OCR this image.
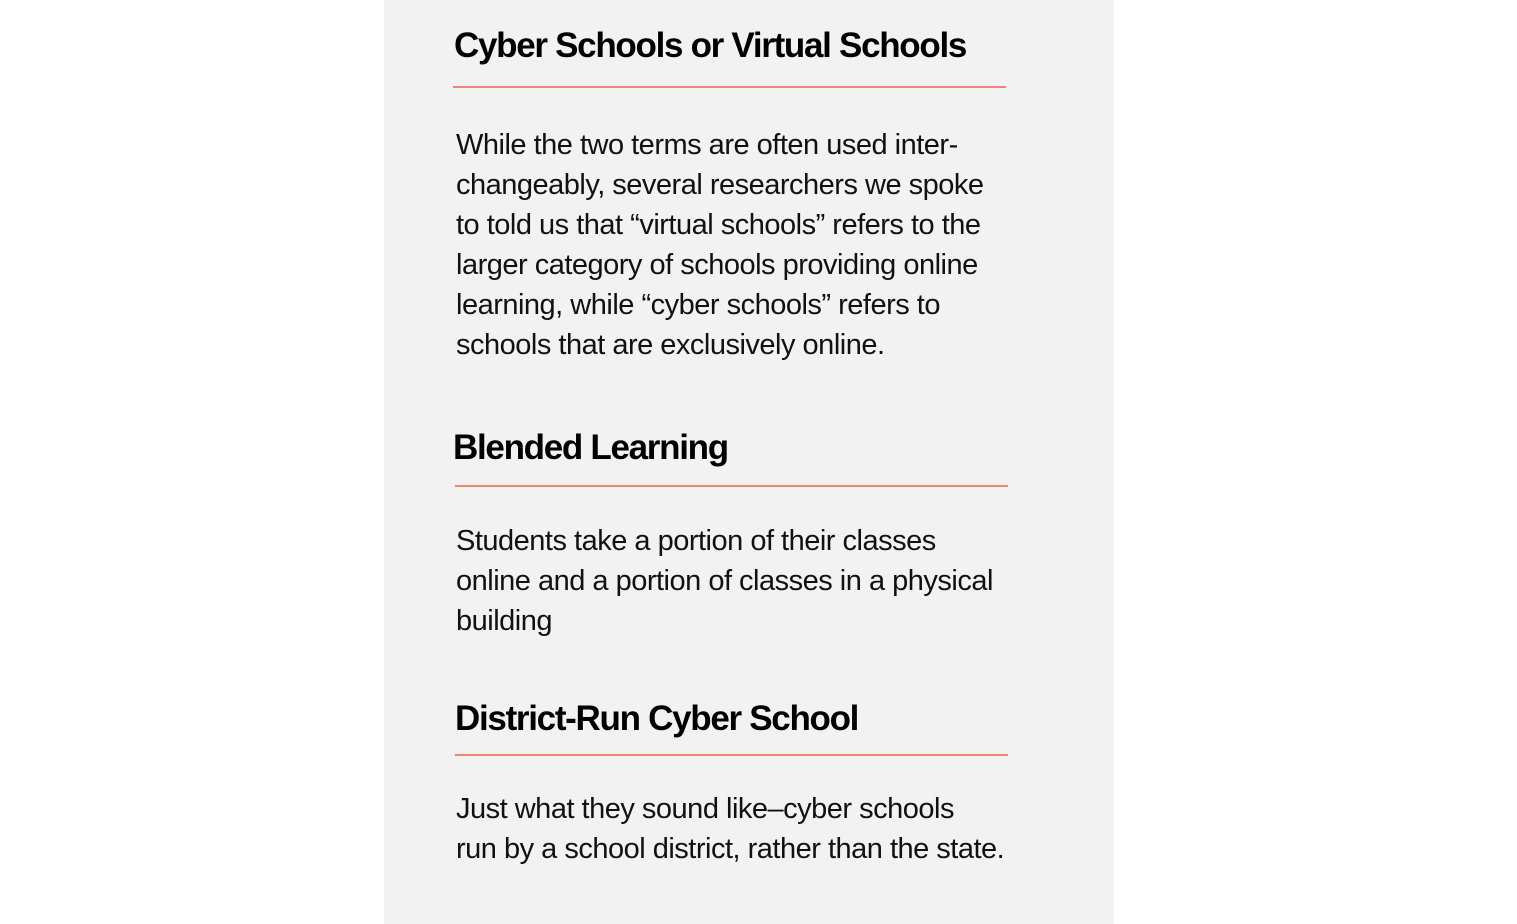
Cyber Schools or Virtual Schools

While the two terms are often used inter-
changeably, several researchers we spoke
to told us that “virtual schools” refers to the
larger category of schools providing online
learning, while “cyber schools” refers to
schools that are exclusively online.

Blended Learning

Students take a portion of their classes
online and a portion of classes in a physical
building

District-Run Cyber School

Just what they sound like–cyber schools
run by a school district, rather than the state.
